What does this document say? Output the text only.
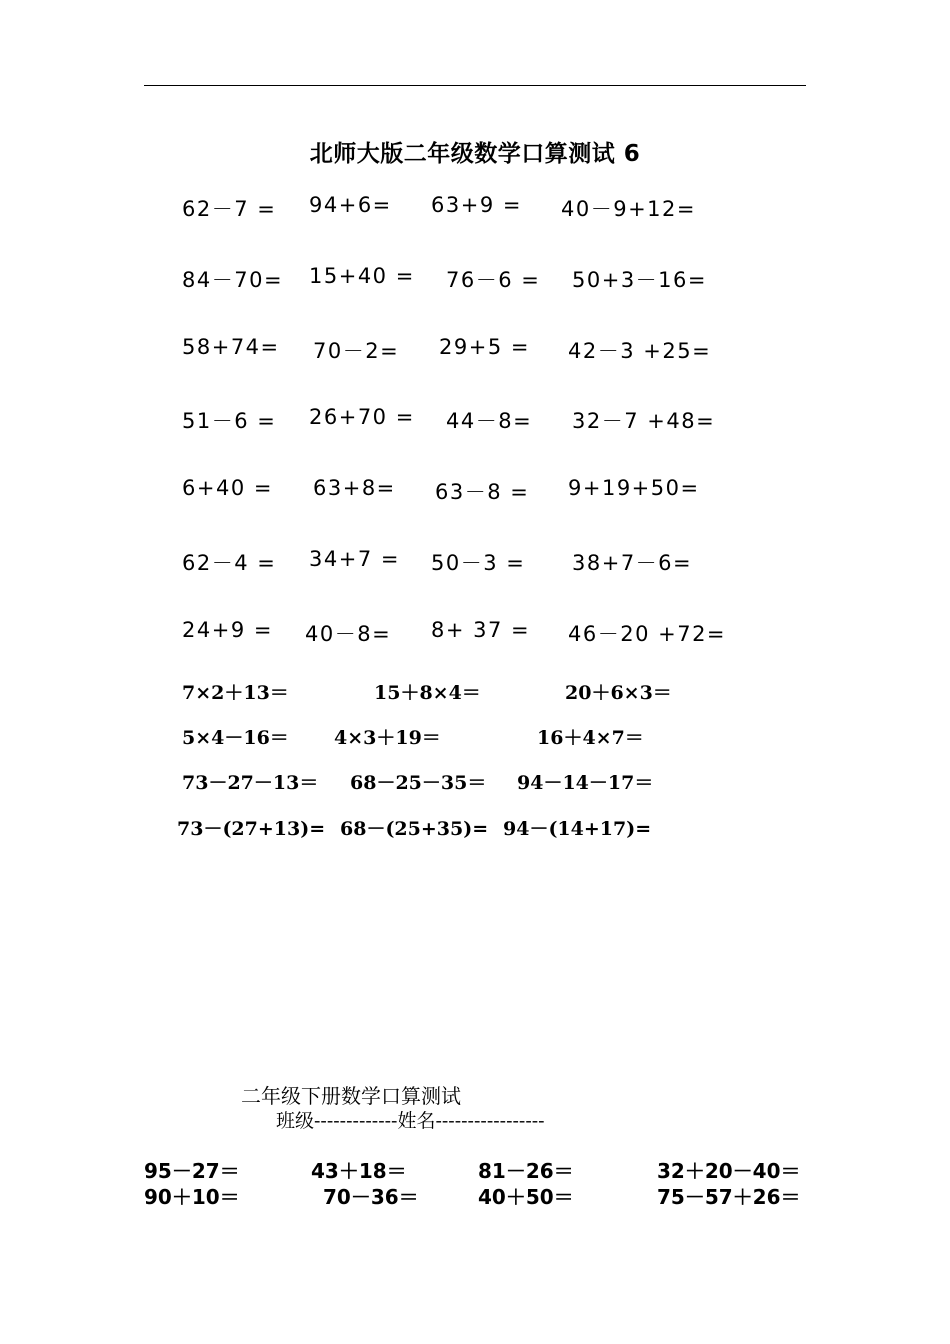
北师大版二年级数学口算测试 6
62－7 = 94+6= 63+9 = 40－9+12=
84－70= 15+40 = 76－6 = 50+3－16=
58+74= 70－2= 29+5 = 42－3 +25=
51－6 = 26+70 = 44－8= 32－7 +48=
6+40 = 63+8= 63－8 = 9+19+50=
62－4 = 34+7 = 50－3 = 38+7－6=
24+9 = 40－8= 8+ 37 = 46－20 +72=
7×2＋13＝	15＋8×4＝	20＋6×3＝
5×4－16＝ 4×3＋19＝	16＋4×7＝
73－27－13＝ 68－25－35＝ 94－14－17＝
73－(27+13)= 68－(25+35)= 94－(14+17)=
二年级下册数学口算测试
班级-------------姓名-----------------
95－27＝	43＋18＝	81－26＝	32＋20－40＝
90＋10＝	70－36＝	40＋50＝	75－57＋26＝
